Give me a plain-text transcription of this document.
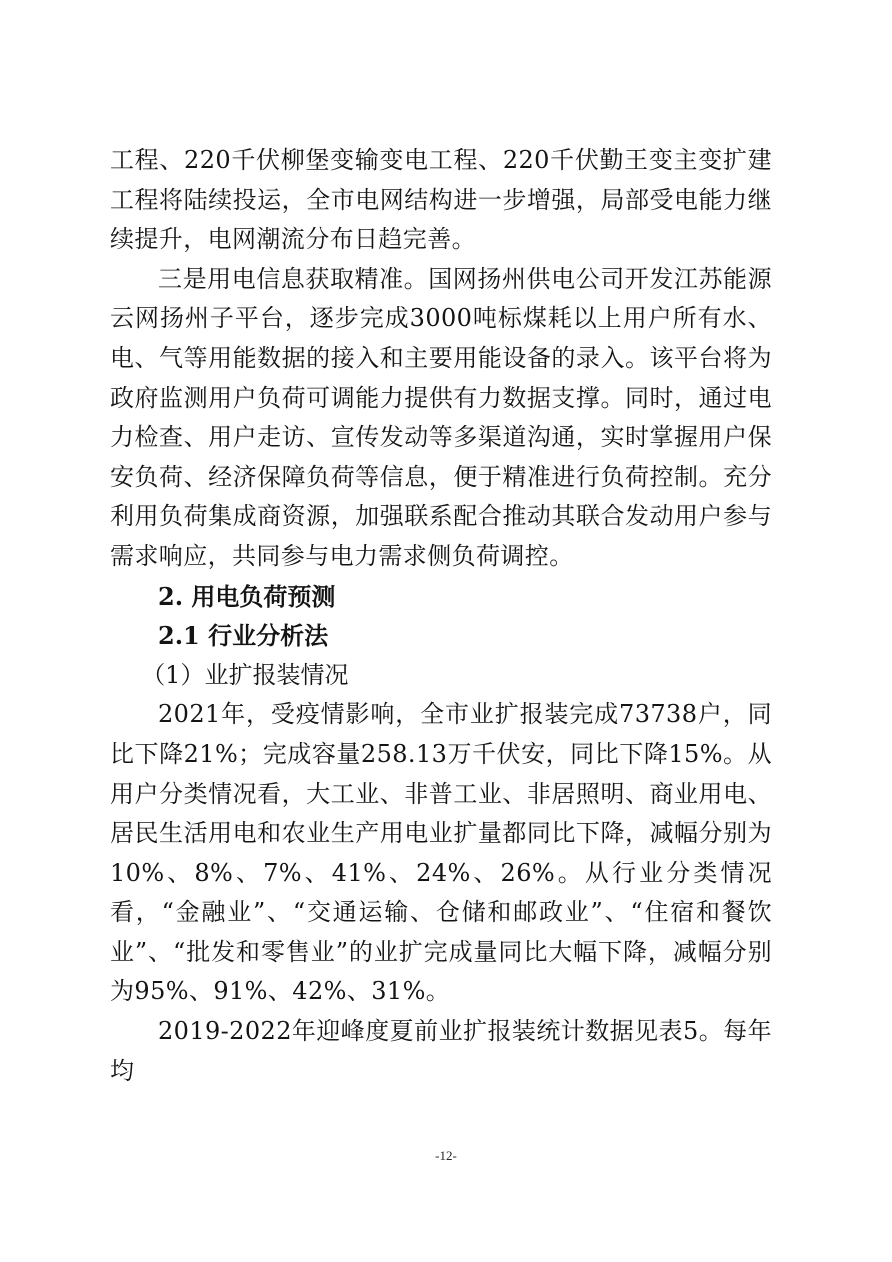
工程、220千伏柳堡变输变电工程、220千伏勤王变主变扩建工程将陆续投运，全市电网结构进一步增强，局部受电能力继续提升，电网潮流分布日趋完善。

三是用电信息获取精准。国网扬州供电公司开发江苏能源云网扬州子平台，逐步完成3000吨标煤耗以上用户所有水、电、气等用能数据的接入和主要用能设备的录入。该平台将为政府监测用户负荷可调能力提供有力数据支撑。同时，通过电力检查、用户走访、宣传发动等多渠道沟通，实时掌握用户保安负荷、经济保障负荷等信息，便于精准进行负荷控制。充分利用负荷集成商资源，加强联系配合推动其联合发动用户参与需求响应，共同参与电力需求侧负荷调控。

2. 用电负荷预测

2.1 行业分析法

（1）业扩报装情况

2021年，受疫情影响，全市业扩报装完成73738户，同比下降21%；完成容量258.13万千伏安，同比下降15%。从用户分类情况看，大工业、非普工业、非居照明、商业用电、居民生活用电和农业生产用电业扩量都同比下降，减幅分别为10%、8%、7%、41%、24%、26%。从行业分类情况看，“金融业”、“交通运输、仓储和邮政业”、“住宿和餐饮业”、“批发和零售业”的业扩完成量同比大幅下降，减幅分别为95%、91%、42%、31%。

2019-2022年迎峰度夏前业扩报装统计数据见表5。每年均

-12-
